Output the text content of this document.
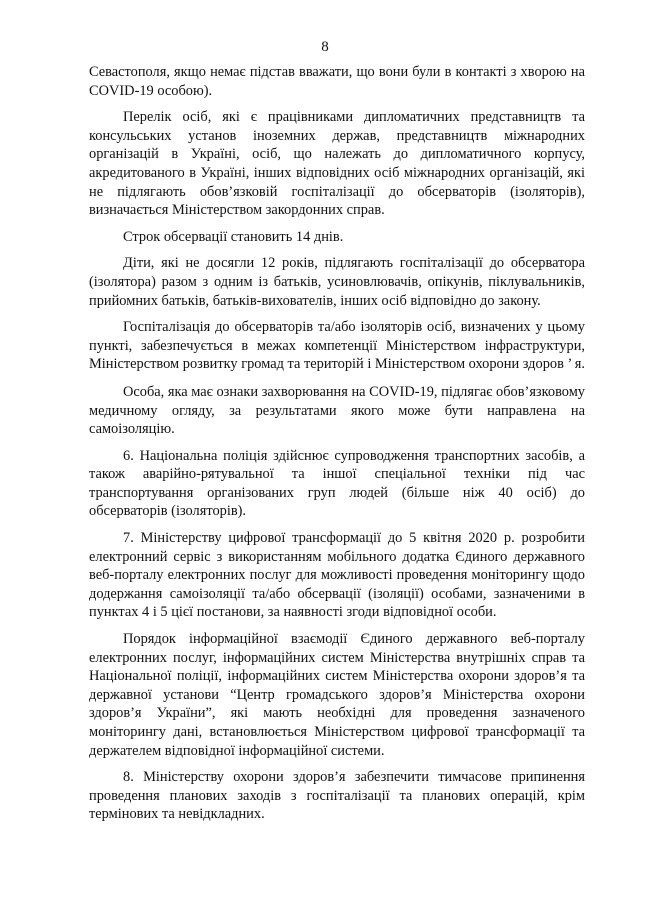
8

Севастополя, якщо немає підстав вважати, що вони були в контакті з хворою на COVID-19 особою).

Перелік осіб, які є працівниками дипломатичних представництв та консульських установ іноземних держав, представництв міжнародних організацій в Україні, осіб, що належать до дипломатичного корпусу, акредитованого в Україні, інших відповідних осіб міжнародних організацій, які не підлягають обов’язковій госпіталізації до обсерваторів (ізоляторів), визначається Міністерством закордонних справ.

Строк обсервації становить 14 днів.

Діти, які не досягли 12 років, підлягають госпіталізації до обсерватора (ізолятора) разом з одним із батьків, усиновлювачів, опікунів, піклувальників, прийомних батьків, батьків-вихователів, інших осіб відповідно до закону.

Госпіталізація до обсерваторів та/або ізоляторів осіб, визначених у цьому пункті, забезпечується в межах компетенції Міністерством інфраструктури, Міністерством розвитку громад та територій і Міністерством охорони здоров ’ я.

Особа, яка має ознаки захворювання на COVID-19, підлягає обов’язковому медичному огляду, за результатами якого може бути направлена на самоізоляцію.

6. Національна поліція здійснює супроводження транспортних засобів, а також аварійно-рятувальної та іншої спеціальної техніки під час транспортування організованих груп людей (більше ніж 40 осіб) до обсерваторів (ізоляторів).

7. Міністерству цифрової трансформації до 5 квітня 2020 р. розробити електронний сервіс з використанням мобільного додатка Єдиного державного веб-порталу електронних послуг для можливості проведення моніторингу щодо додержання самоізоляції та/або обсервації (ізоляції) особами, зазначеними в пунктах 4 і 5 цієї постанови, за наявності згоди відповідної особи.

Порядок інформаційної взаємодії Єдиного державного веб-порталу електронних послуг, інформаційних систем Міністерства внутрішніх справ та Національної поліції, інформаційних систем Міністерства охорони здоров’я та державної установи “Центр громадського здоров’я Міністерства охорони здоров’я України”, які мають необхідні для проведення зазначеного моніторингу дані, встановлюється Міністерством цифрової трансформації та держателем відповідної інформаційної системи.

8. Міністерству охорони здоров’я забезпечити тимчасове припинення проведення планових заходів з госпіталізації та планових операцій, крім термінових та невідкладних.
